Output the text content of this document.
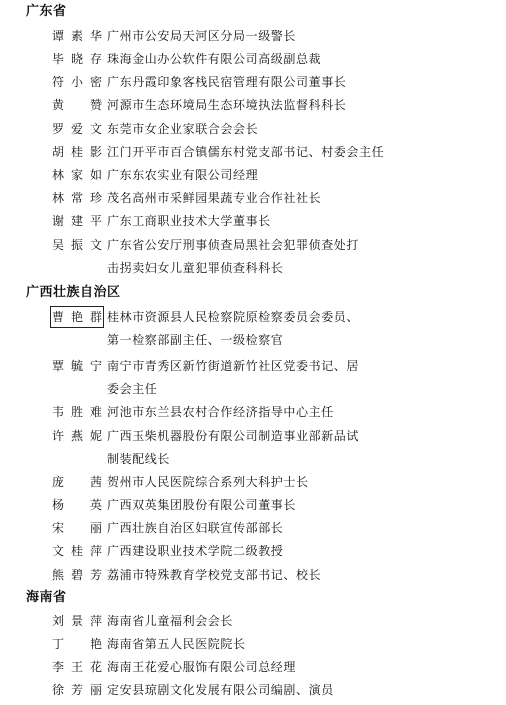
广东省
谭素华 广州市公安局天河区分局一级警长
毕晓存 珠海金山办公软件有限公司高级副总裁
符小密 广东丹霞印象客栈民宿管理有限公司董事长
黄 赞 河源市生态环境局生态环境执法监督科科长
罗爱文 东莞市女企业家联合会会长
胡桂影 江门开平市百合镇儒东村党支部书记、村委会主任
林家如 广东东农实业有限公司经理
林常珍 茂名高州市采鲜园果蔬专业合作社社长
谢建平 广东工商职业技术大学董事长
吴振文 广东省公安厅刑事侦查局黑社会犯罪侦查处打
击拐卖妇女儿童犯罪侦查科科长
广西壮族自治区
曹艳群 桂林市资源县人民检察院原检察委员会委员、
第一检察部副主任、一级检察官
覃毓宁 南宁市青秀区新竹街道新竹社区党委书记、居
委会主任
韦胜难 河池市东兰县农村合作经济指导中心主任
许燕妮 广西玉柴机器股份有限公司制造事业部新品试
制装配线长
庞 茜 贺州市人民医院综合系列大科护士长
杨 英 广西双英集团股份有限公司董事长
宋 丽 广西壮族自治区妇联宣传部部长
文桂萍 广西建设职业技术学院二级教授
熊碧芳 荔浦市特殊教育学校党支部书记、校长
海南省
刘景萍 海南省儿童福利会会长
丁 艳 海南省第五人民医院院长
李王花 海南王花爱心服饰有限公司总经理
徐芳丽 定安县琼剧文化发展有限公司编剧、演员
